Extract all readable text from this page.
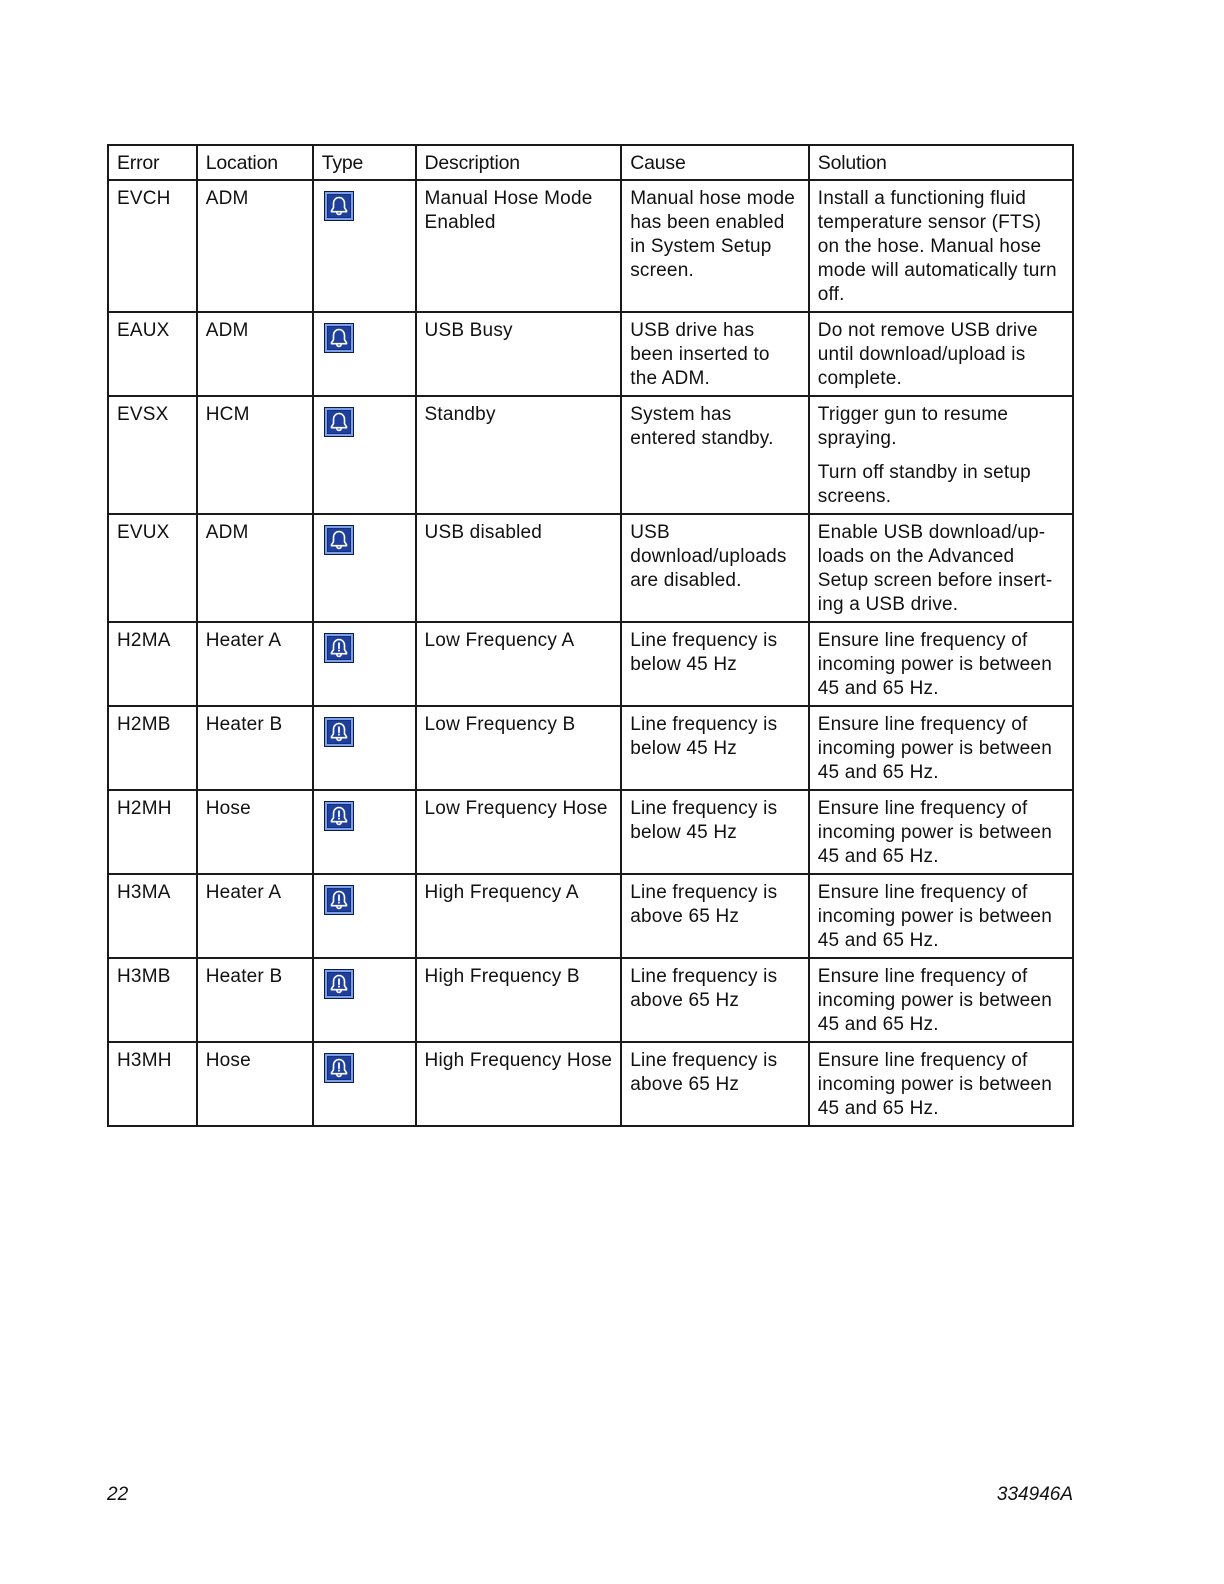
Error	Location	Type	Description	Cause	Solution
EVCH	ADM		Manual Hose Mode Enabled	Manual hose mode has been enabled in System Setup screen.	Install a functioning fluid temperature sensor (FTS) on the hose. Manual hose mode will automatically turn off.

EAUX	ADM		USB Busy	USB drive has been inserted to the ADM.	Do not remove USB drive until download/upload is complete.

EVSX	HCM		Standby	System has entered standby.	Trigger gun to resume spraying.
Turn off standby in setup screens.

EVUX	ADM		USB disabled	USB download/uploads are disabled.	Enable USB download/up-loads on the Advanced Setup screen before insert-ing a USB drive.

H2MA	Heater A		Low Frequency A	Line frequency is below 45 Hz	Ensure line frequency of incoming power is between 45 and 65 Hz.

H2MB	Heater B		Low Frequency B	Line frequency is below 45 Hz	Ensure line frequency of incoming power is between 45 and 65 Hz.

H2MH	Hose		Low Frequency Hose	Line frequency is below 45 Hz	Ensure line frequency of incoming power is between 45 and 65 Hz.

H3MA	Heater A		High Frequency A	Line frequency is above 65 Hz	Ensure line frequency of incoming power is between 45 and 65 Hz.

H3MB	Heater B		High Frequency B	Line frequency is above 65 Hz	Ensure line frequency of incoming power is between 45 and 65 Hz.

H3MH	Hose		High Frequency Hose	Line frequency is above 65 Hz	Ensure line frequency of incoming power is between 45 and 65 Hz.
22	334946A
